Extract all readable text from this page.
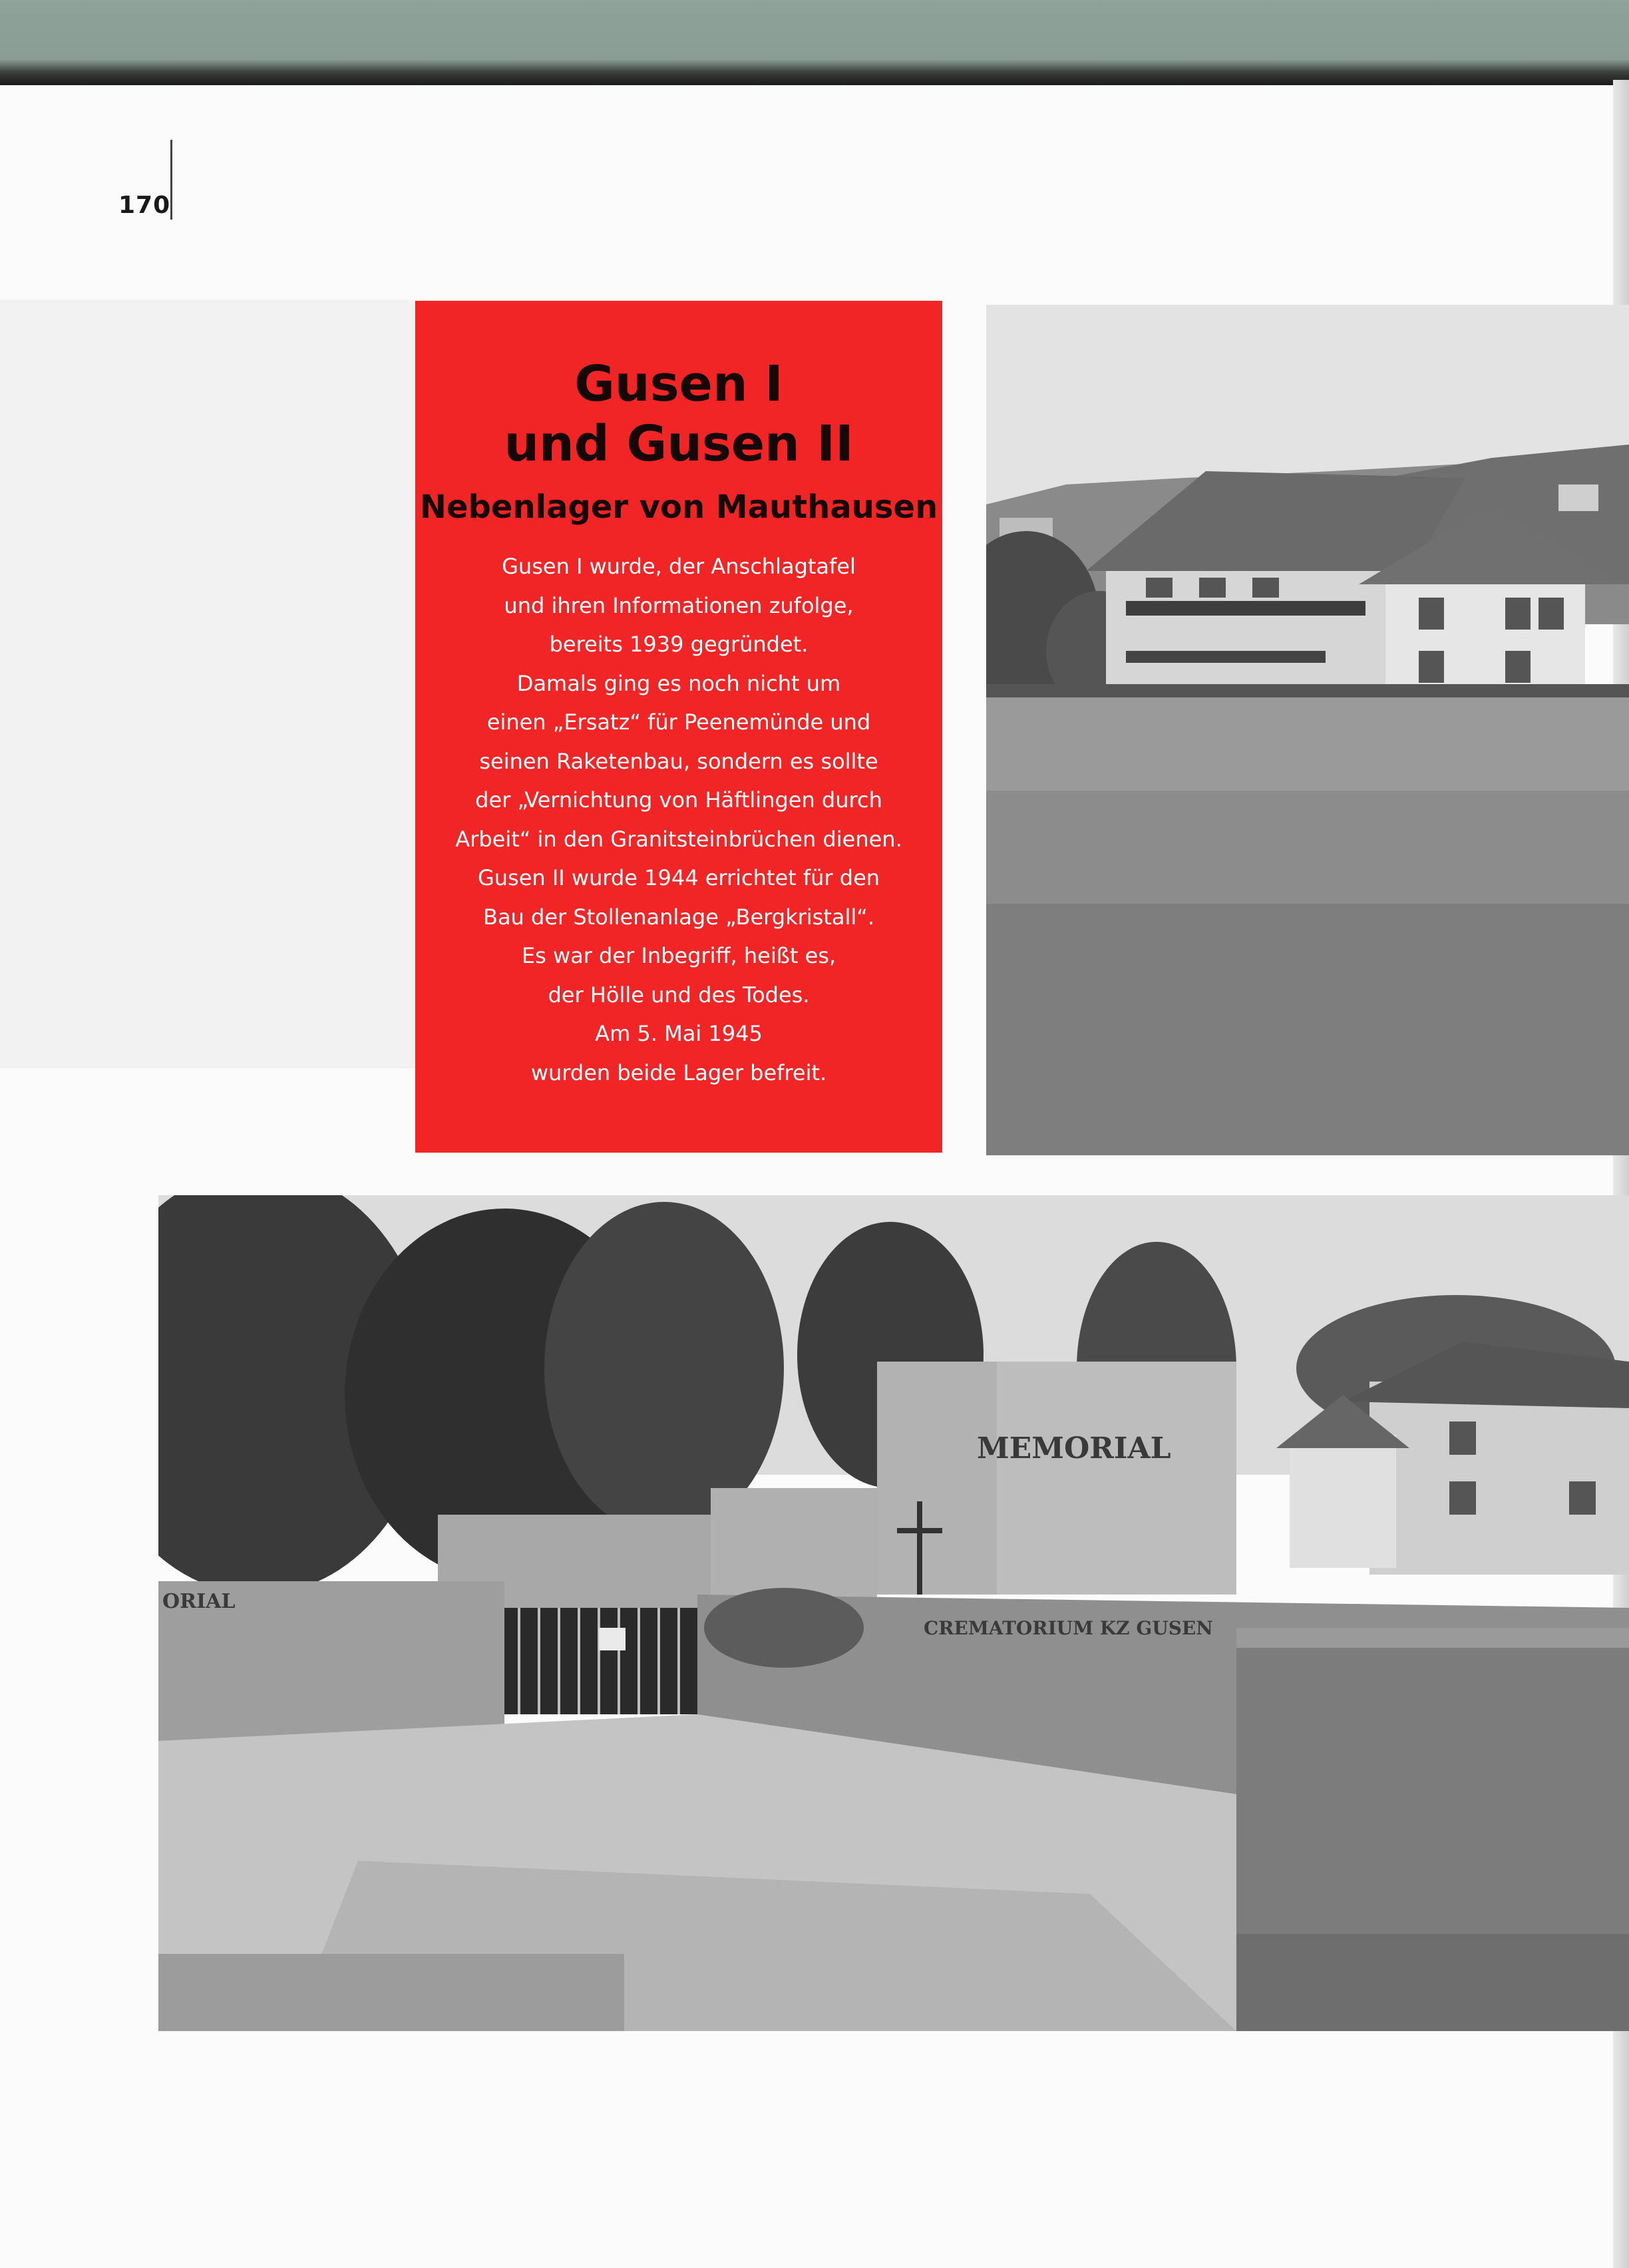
170
Gusen I
und Gusen II
Nebenlager von Mauthausen
Gusen I wurde, der Anschlagtafel
und ihren Informationen zufolge,
bereits 1939 gegründet.
Damals ging es noch nicht um
einen „Ersatz“ für Peenemünde und
seinen Raketenbau, sondern es sollte
der „Vernichtung von Häftlingen durch
Arbeit“ in den Granitsteinbrüchen dienen.
Gusen II wurde 1944 errichtet für den
Bau der Stollenanlage „Bergkristall“.
Es war der Inbegriff, heißt es,
der Hölle und des Todes.
Am 5. Mai 1945
wurden beide Lager befreit.
MEMORIAL
ORIAL
CREMATORIUM KZ GUSEN
